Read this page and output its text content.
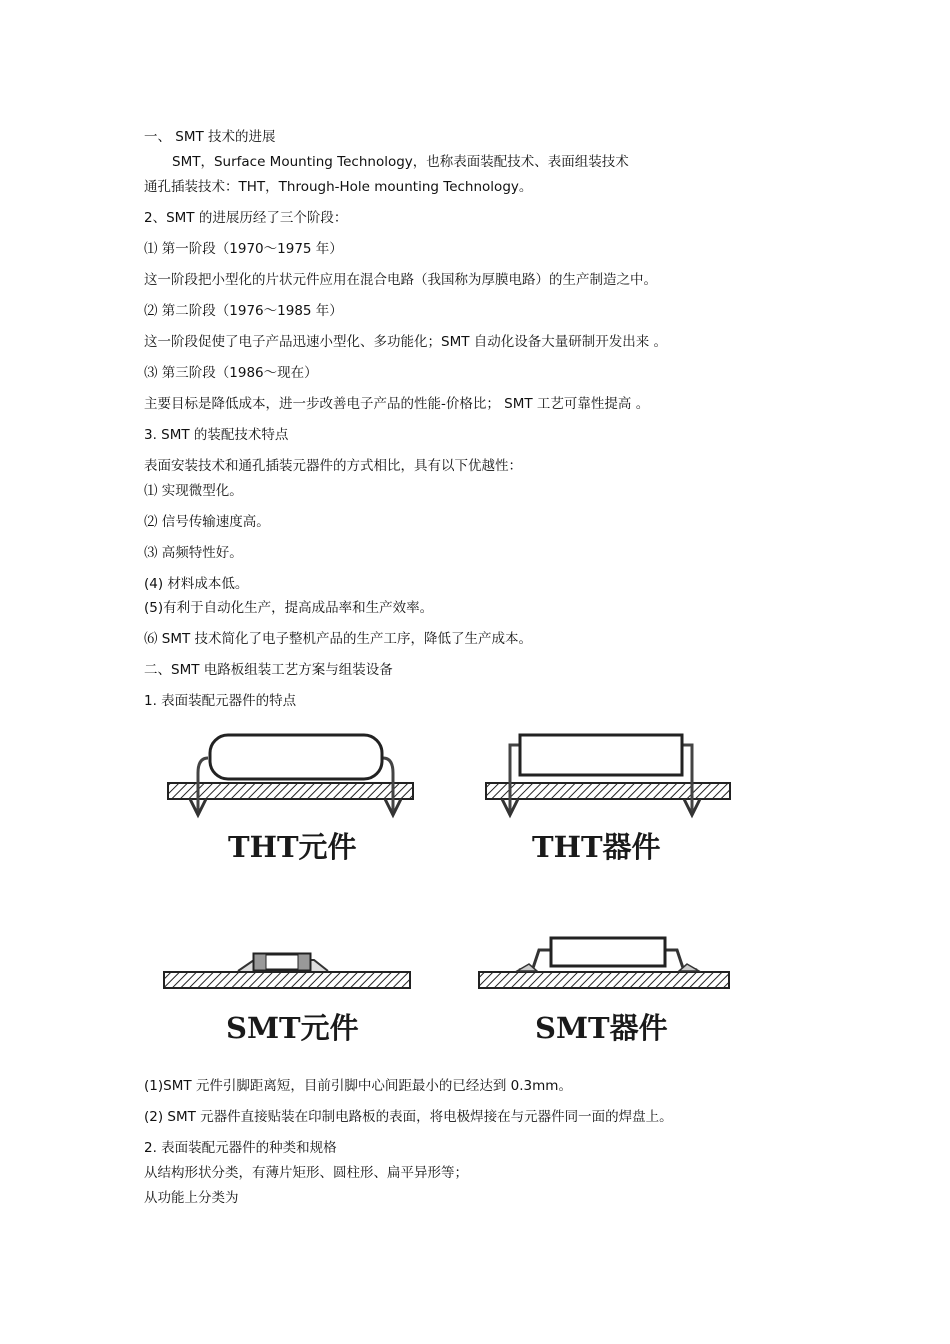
一、 SMT 技术的进展
SMT，Surface Mounting Technology，也称表面装配技术、表面组装技术
通孔插装技术：THT，Through-Hole mounting Technology。
2、SMT 的进展历经了三个阶段：
⑴ 第一阶段（1970～1975 年）
这一阶段把小型化的片状元件应用在混合电路（我国称为厚膜电路）的生产制造之中。
⑵ 第二阶段（1976～1985 年）
这一阶段促使了电子产品迅速小型化、多功能化；SMT 自动化设备大量研制开发出来 。
⑶ 第三阶段（1986～现在）
主要目标是降低成本，进一步改善电子产品的性能-价格比； SMT 工艺可靠性提高 。
3. SMT 的装配技术特点
表面安装技术和通孔插装元器件的方式相比，具有以下优越性：
⑴ 实现微型化。
⑵ 信号传输速度高。
⑶ 高频特性好。
(4) 材料成本低。
(5)有利于自动化生产，提高成品率和生产效率。
⑹ SMT 技术简化了电子整机产品的生产工序，降低了生产成本。
二、SMT 电路板组装工艺方案与组装设备
1. 表面装配元器件的特点
THT元件	THT器件
SMT元件	SMT器件
(1)SMT 元件引脚距离短，目前引脚中心间距最小的已经达到 0.3mm。
(2) SMT 元器件直接贴装在印制电路板的表面，将电极焊接在与元器件同一面的焊盘上。
2. 表面装配元器件的种类和规格
从结构形状分类，有薄片矩形、圆柱形、扁平异形等；
从功能上分类为
